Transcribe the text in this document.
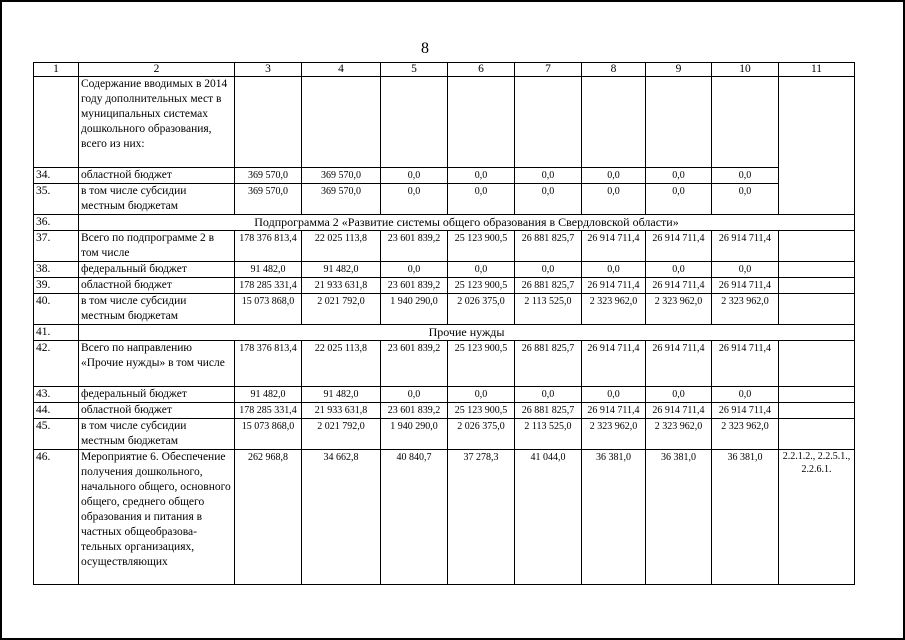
8
1	2	3	4	5	6	7	8	9	10	11
	Содержание вводимых в 2014 году дополнительных мест в муниципальных системах дошкольного образования, всего из них:									
34.	областной бюджет	369 570,0	369 570,0	0,0	0,0	0,0	0,0	0,0	0,0	
35.	в том числе субсидии местным бюджетам	369 570,0	369 570,0	0,0	0,0	0,0	0,0	0,0	0,0	
36.	Подпрограмма 2 «Развитие системы общего образования в Свердловской области»									
37.	Всего по подпрограмме 2 в том числе	178 376 813,4	22 025 113,8	23 601 839,2	25 123 900,5	26 881 825,7	26 914 711,4	26 914 711,4	26 914 711,4	
38.	федеральный бюджет	91 482,0	91 482,0	0,0	0,0	0,0	0,0	0,0	0,0	
39.	областной бюджет	178 285 331,4	21 933 631,8	23 601 839,2	25 123 900,5	26 881 825,7	26 914 711,4	26 914 711,4	26 914 711,4	
40.	в том числе субсидии местным бюджетам	15 073 868,0	2 021 792,0	1 940 290,0	2 026 375,0	2 113 525,0	2 323 962,0	2 323 962,0	2 323 962,0	
41.	Прочие нужды									
42.	Всего по направлению «Прочие нужды» в том числе	178 376 813,4	22 025 113,8	23 601 839,2	25 123 900,5	26 881 825,7	26 914 711,4	26 914 711,4	26 914 711,4	
43.	федеральный бюджет	91 482,0	91 482,0	0,0	0,0	0,0	0,0	0,0	0,0	
44.	областной бюджет	178 285 331,4	21 933 631,8	23 601 839,2	25 123 900,5	26 881 825,7	26 914 711,4	26 914 711,4	26 914 711,4	
45.	в том числе субсидии местным бюджетам	15 073 868,0	2 021 792,0	1 940 290,0	2 026 375,0	2 113 525,0	2 323 962,0	2 323 962,0	2 323 962,0	
46.	Мероприятие 6. Обеспечение получения дошкольного, начального общего, основного общего, среднего общего образования и питания в частных общеобразова-тельных организациях, осуществляющих	262 968,8	34 662,8	40 840,7	37 278,3	41 044,0	36 381,0	36 381,0	36 381,0	2.2.1.2., 2.2.5.1., 2.2.6.1.
